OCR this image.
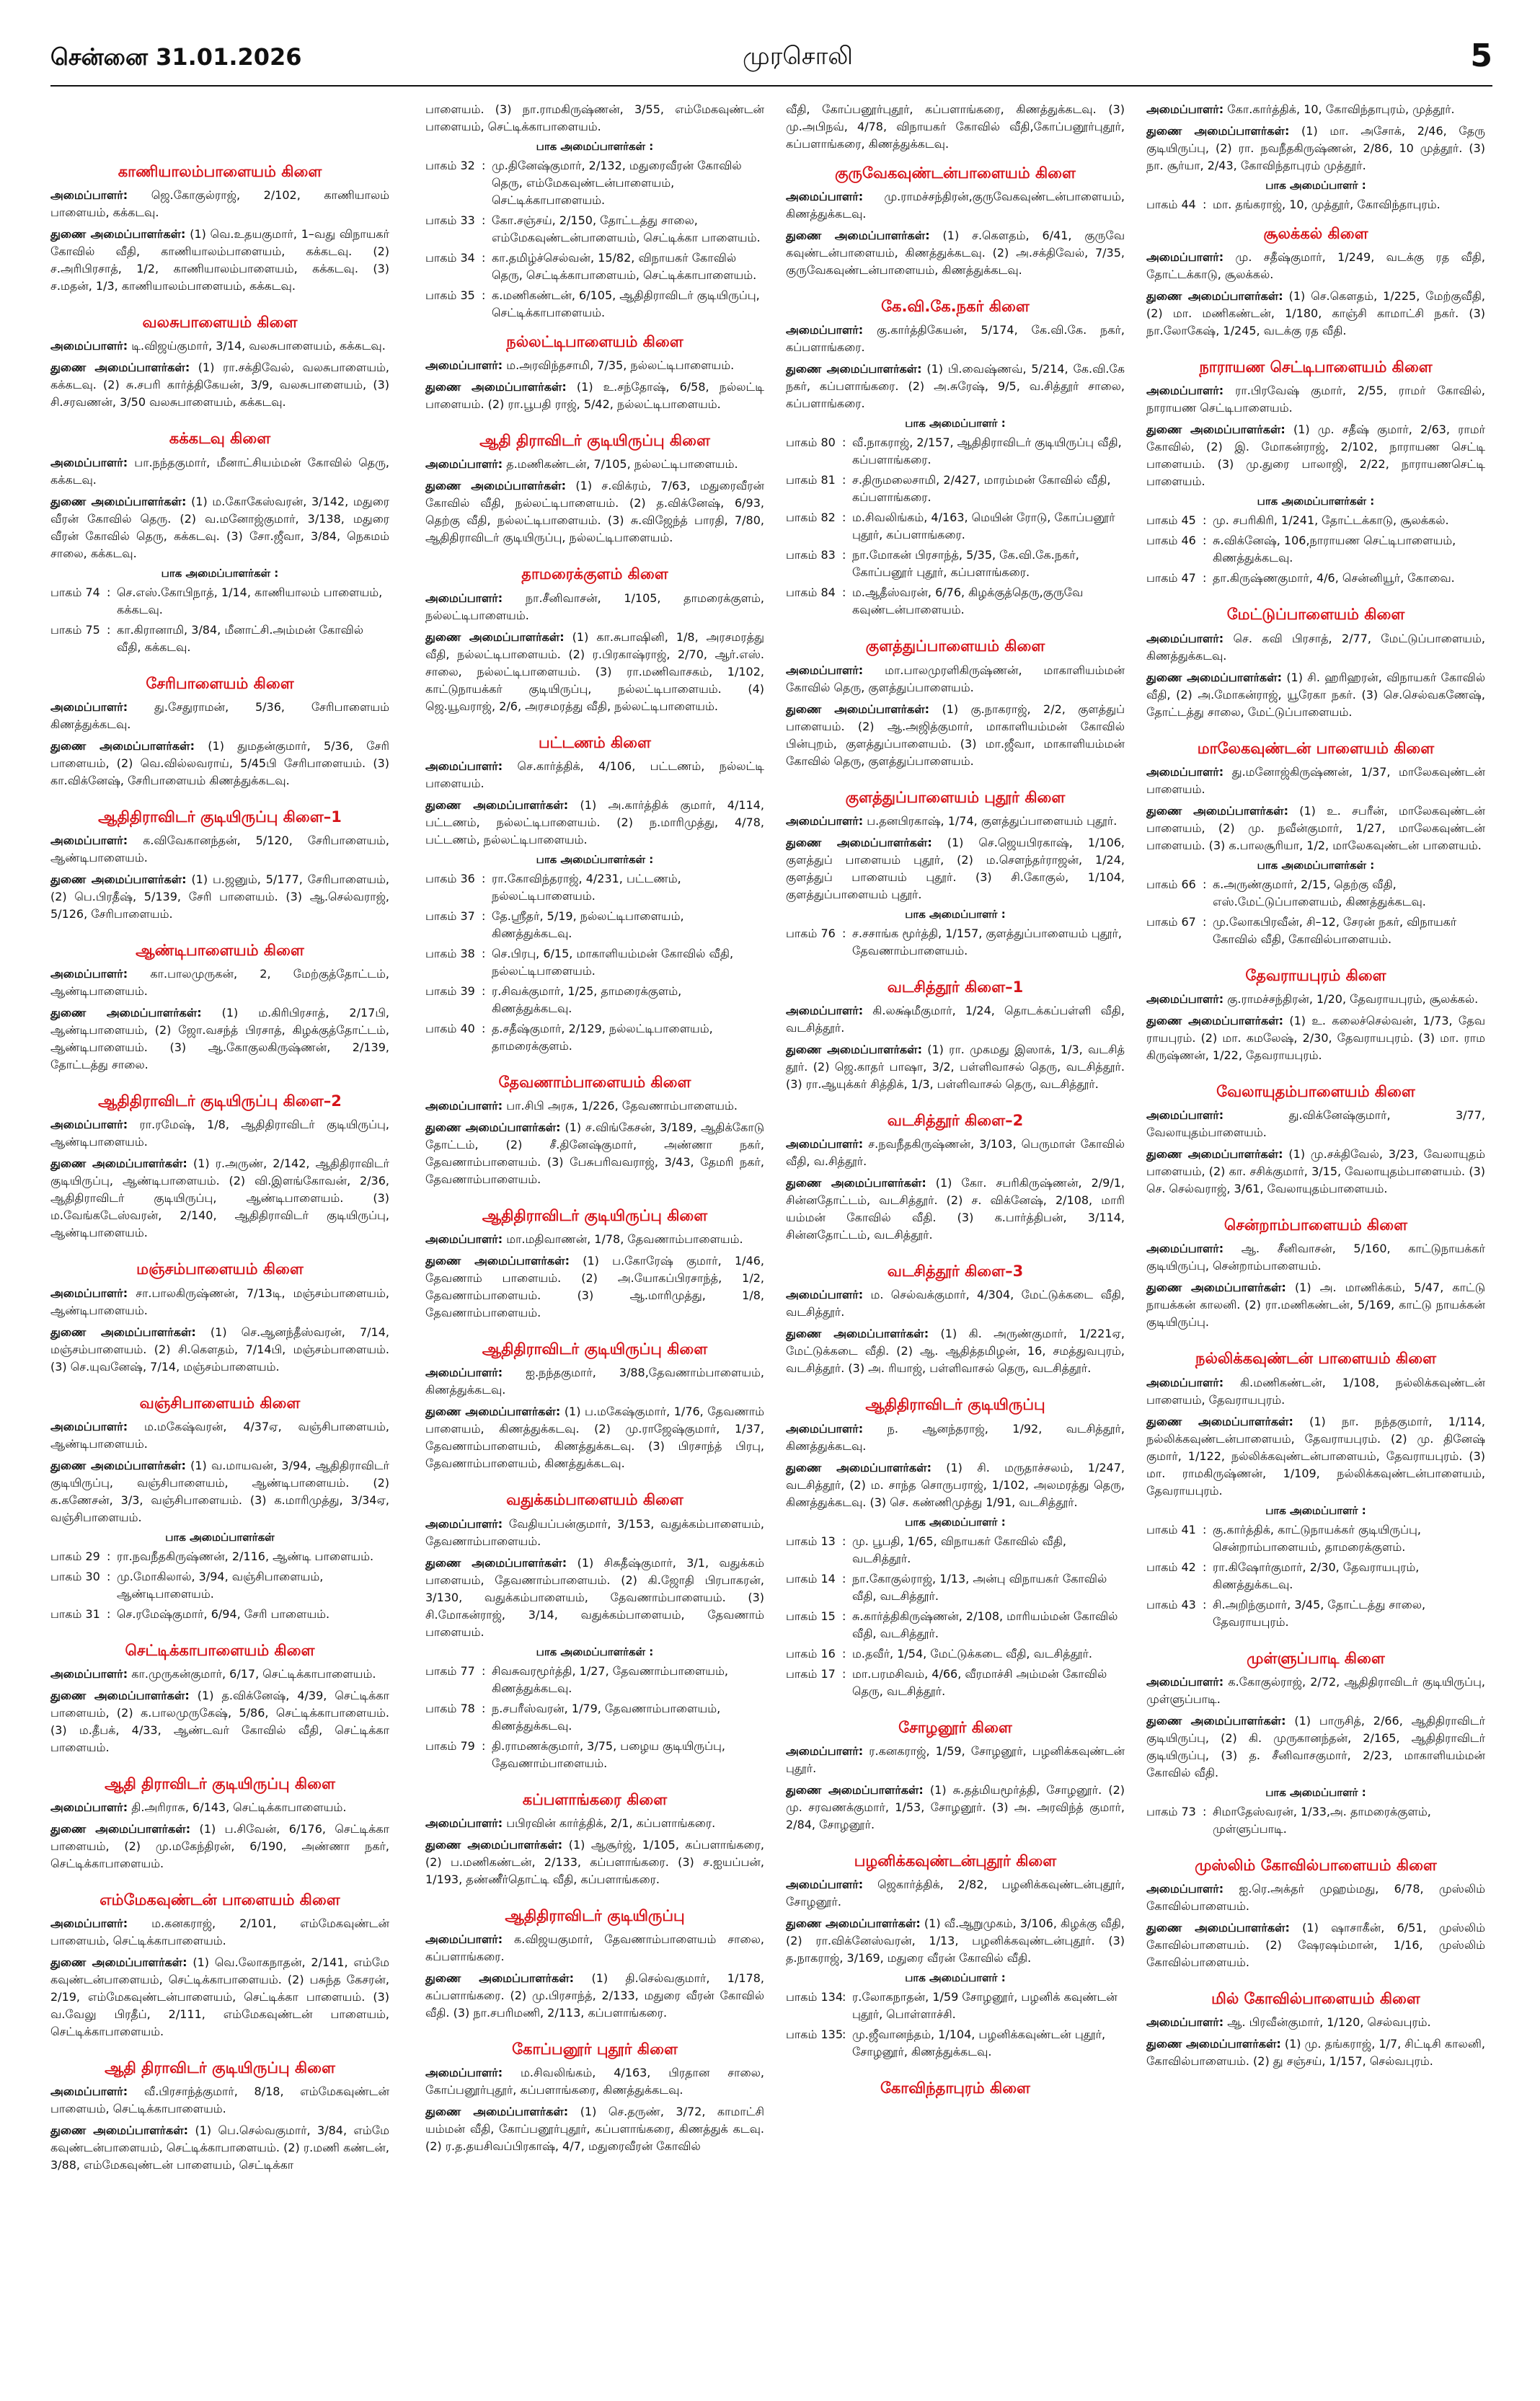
சென்னை 31.01.2026	முரசொலி	5
காணியாலம்பாளையம் கிளை

அமைப்பாளர்: ஜெ.கோகுல்ராஜ், 2/102, காணியாலம் பாளையம், கக்கடவு.

துணை அமைப்பாளர்கள்: (1) வெ.உதயகுமார், 1–வது விநாயகர் கோவில் வீதி, காணியாலம்பாளையம், கக்கடவு. (2) ச.அரிபிரசாத், 1/2, காணியாலம்பாளையம், கக்கடவு. (3) ச.மதன், 1/3, காணியாலம்பாளையம், கக்கடவு.

வலசுபாளையம் கிளை

அமைப்பாளர்: டி.விஜய்குமார், 3/14, வலசுபாளையம், கக்கடவு.

துணை அமைப்பாளர்கள்: (1) ரா.சக்திவேல், வலசுபாளையம், கக்கடவு. (2) சு.சபரி கார்த்திகேயன், 3/9, வலசுபாளையம், (3) சி.சரவணன், 3/50 வலசுபாளையம், கக்கடவு.

கக்கடவு கிளை

அமைப்பாளர்: பா.நந்தகுமார், மீனாட்சியம்மன் கோவில் தெரு, கக்கடவு.

துணை அமைப்பாளர்கள்: (1) ம.கோகேஸ்வரன், 3/142, மதுரை வீரன் கோவில் தெரு. (2) வ.மனோஜ்குமார், 3/138, மதுரை வீரன் கோவில் தெரு, கக்கடவு. (3) சோ.ஜீவா, 3/84, நெகமம் சாலை, கக்கடவு.

பாக அமைப்பாளர்கள் :
பாகம் 74 : செ.எஸ்.கோபிநாத், 1/14, காணியாலம் பாளையம், கக்கடவு.
பாகம் 75 : கா.கிரானாமி, 3/84, மீனாட்சி.அம்மன் கோவில் வீதி, கக்கடவு.
சேரிபாளையம் கிளை

அமைப்பாளர்: து.சேதுராமன், 5/36, சேரிபாளையம் கிணத்துக்கடவு.

துணை அமைப்பாளர்கள்: (1) துமதன்குமார், 5/36, சேரி பாளையம், (2) வெ.வில்லவராய், 5/45பி சேரிபாளையம். (3) கா.விக்னேஷ், சேரிபாளையம் கிணத்துக்கடவு.

ஆதிதிராவிடர் குடியிருப்பு கிளை–1

அமைப்பாளர்: க.விவேகானந்தன், 5/120, சேரிபாளையம், ஆண்டிபாளையம்.

துணை அமைப்பாளர்கள்: (1) ப.ஜனும், 5/177, சேரிபாளையம், (2) பெ.பிரதீஷ், 5/139, சேரி பாளையம். (3) ஆ.செல்வராஜ், 5/126, சேரிபாளையம்.

ஆண்டிபாளையம் கிளை

அமைப்பாளர்: கா.பாலமுருகன், 2, மேற்குத்தோட்டம், ஆண்டிபாளையம்.

துணை அமைப்பாளர்கள்: (1) ம.கிரிபிரசாத், 2/17பி, ஆண்டிபாளையம், (2) ஜோ.வசந்த் பிரசாத், கிழக்குத்தோட்டம், ஆண்டிபாளையம். (3) ஆ.கோகுலகிருஷ்ணன், 2/139, தோட்டத்து சாலை.

ஆதிதிராவிடர் குடியிருப்பு கிளை–2

அமைப்பாளர்: ரா.ரமேஷ், 1/8, ஆதிதிராவிடர் குடியிருப்பு, ஆண்டிபாளையம்.

துணை அமைப்பாளர்கள்: (1) ர.அருண், 2/142, ஆதிதிராவிடர் குடியிருப்பு, ஆண்டிபாளையம். (2) வி.இளங்கோவன், 2/36, ஆதிதிராவிடர் குடியிருப்பு, ஆண்டிபாளையம். (3) ம.வேங்கடேஸ்வரன், 2/140, ஆதிதிராவிடர் குடியிருப்பு, ஆண்டிபாளையம்.

மஞ்சம்பாளையம் கிளை

அமைப்பாளர்: சா.பாலகிருஷ்ணன், 7/13டி, மஞ்சம்பாளையம், ஆண்டிபாளையம்.

துணை அமைப்பாளர்கள்: (1) செ.ஆனந்தீஸ்வரன், 7/14, மஞ்சம்பாளையம். (2) சி.கௌதம், 7/14பி, மஞ்சம்பாளையம். (3) செ.யுவனேஷ், 7/14, மஞ்சம்பாளையம்.

வஞ்சிபாளையம் கிளை

அமைப்பாளர்: ம.மகேஷ்வரன், 4/37ஏ, வஞ்சிபாளையம், ஆண்டிபாளையம்.

துணை அமைப்பாளர்கள்: (1) வ.மாயவன், 3/94, ஆதிதிராவிடர் குடியிருப்பு, வஞ்சிபாளையம், ஆண்டிபாளையம். (2) க.கணேசன், 3/3, வஞ்சிபாளையம். (3) க.மாரிமுத்து, 3/34ஏ, வஞ்சிபாளையம்.

பாக அமைப்பாளர்கள்
பாகம் 29 : ரா.நவநீதகிருஷ்ணன், 2/116, ஆண்டி பாளையம்.
பாகம் 30 : மு.மோகிலால், 3/94, வஞ்சிபாளையம், ஆண்டிபாளையம்.
பாகம் 31 : செ.ரமேஷ்குமார், 6/94, சேரி பாளையம்.
செட்டிக்காபாளையம் கிளை

அமைப்பாளர்: கா.முருகன்குமார், 6/17, செட்டிக்காபாளையம்.

துணை அமைப்பாளர்கள்: (1) த.விக்னேஷ், 4/39, செட்டிக்கா பாளையம், (2) க.பாலமுருகேஷ், 5/86, செட்டிக்காபாளையம். (3) ம.தீபக், 4/33, ஆண்டவர் கோவில் வீதி, செட்டிக்கா பாளையம்.

ஆதி திராவிடர் குடியிருப்பு கிளை

அமைப்பாளர்: தி.அரிராசு, 6/143, செட்டிக்காபாளையம்.

துணை அமைப்பாளர்கள்: (1) ப.சிவேன், 6/176, செட்டிக்கா பாளையம், (2) மு.மகேந்திரன், 6/190, அண்ணா நகர், செட்டிக்காபாளையம்.

எம்மேகவுண்டன் பாளையம் கிளை

அமைப்பாளர்: ம.கனகராஜ், 2/101, எம்மேகவுண்டன் பாளையம், செட்டிக்காபாளையம்.

துணை அமைப்பாளர்கள்: (1) வெ.லோகநாதன், 2/141, எம்மே கவுண்டன்பாளையம், செட்டிக்காபாளையம். (2) பசுந்த கேசரன், 2/19, எம்மேகவுண்டன்பாளையம், செட்டிக்கா பாளையம். (3) வ.வேலு பிரதீப், 2/111, எம்மேகவுண்டன் பாளையம், செட்டிக்காபாளையம்.

ஆதி திராவிடர் குடியிருப்பு கிளை

அமைப்பாளர்: வீ.பிரசாந்த்குமார், 8/18, எம்மேகவுண்டன் பாளையம், செட்டிக்காபாளையம்.

துணை அமைப்பாளர்கள்: (1) பெ.செல்வகுமார், 3/84, எம்மே கவுண்டன்பாளையம், செட்டிக்காபாளையம். (2) ர.மணி கண்டன், 3/88, எம்மேகவுண்டன் பாளையம், செட்டிக்கா

பாளையம். (3) நா.ராமகிருஷ்ணன், 3/55, எம்மேகவுண்டன் பாளையம், செட்டிக்காபாளையம்.

பாக அமைப்பாளர்கள் :
பாகம் 32 : மு.தினேஷ்குமார், 2/132, மதுரைவீரன் கோவில் தெரு, எம்மேகவுண்டன்பாளையம், செட்டிக்காபாளையம்.
பாகம் 33 : கோ.சஞ்சய், 2/150, தோட்டத்து சாலை, எம்மேகவுண்டன்பாளையம், செட்டிக்கா பாளையம்.
பாகம் 34 : கா.தமிழ்ச்செல்வன், 15/82, விநாயகர் கோவில் தெரு, செட்டிக்காபாளையம், செட்டிக்காபாளையம்.
பாகம் 35 : க.மணிகண்டன், 6/105, ஆதிதிராவிடர் குடியிருப்பு, செட்டிக்காபாளையம்.
நல்லட்டிபாளையம் கிளை

அமைப்பாளர்: ம.அரவிந்தசாமி, 7/35, நல்லட்டிபாளையம்.

துணை அமைப்பாளர்கள்: (1) உ.சந்தோஷ், 6/58, நல்லட்டி பாளையம். (2) ரா.பூபதி ராஜ், 5/42, நல்லட்டிபாளையம்.

ஆதி திராவிடர் குடியிருப்பு கிளை

அமைப்பாளர்: த.மணிகண்டன், 7/105, நல்லட்டிபாளையம்.

துணை அமைப்பாளர்கள்: (1) ச.விக்ரம், 7/63, மதுரைவீரன் கோவில் வீதி, நல்லட்டிபாளையம். (2) த.விக்னேஷ், 6/93, தெற்கு வீதி, நல்லட்டிபாளையம். (3) சு.விஜேந்த் பாரதி, 7/80, ஆதிதிராவிடர் குடியிருப்பு, நல்லட்டிபாளையம்.

தாமரைக்குளம் கிளை

அமைப்பாளர்: நா.சீனிவாசன், 1/105, தாமரைக்குளம், நல்லட்டிபாளையம்.

துணை அமைப்பாளர்கள்: (1) கா.சுபாஷினி, 1/8, அரசமரத்து வீதி, நல்லட்டிபாளையம். (2) ர.பிரகாஷ்ராஜ், 2/70, ஆர்.எஸ். சாலை, நல்லட்டிபாளையம். (3) ரா.மணிவாசகம், 1/102, காட்டுநாயக்கர் குடியிருப்பு, நல்லட்டிபாளையம். (4) ஜெ.யூவராஜ், 2/6, அரசமரத்து வீதி, நல்லட்டிபாளையம்.

பட்டணம் கிளை

அமைப்பாளர்: செ.கார்த்திக், 4/106, பட்டணம், நல்லட்டி பாளையம்.

துணை அமைப்பாளர்கள்: (1) அ.கார்த்திக் குமார், 4/114, பட்டணம், நல்லட்டிபாளையம். (2) ந.மாரிமுத்து, 4/78, பட்டணம், நல்லட்டிபாளையம்.

பாக அமைப்பாளர்கள் :
பாகம் 36 : ரா.கோவிந்தராஜ், 4/231, பட்டணம், நல்லட்டிபாளையம்.
பாகம் 37 : தே.ஸ்ரீதர், 5/19, நல்லட்டிபாளையம், கிணத்துக்கடவு.
பாகம் 38 : செ.பிரபு, 6/15, மாகாளியம்மன் கோவில் வீதி, நல்லட்டிபாளையம்.
பாகம் 39 : ர.சிவக்குமார், 1/25, தாமரைக்குளம், கிணத்துக்கடவு.
பாகம் 40 : த.சதீஷ்குமார், 2/129, நல்லட்டிபாளையம், தாமரைக்குளம்.
தேவணாம்பாளையம் கிளை

அமைப்பாளர்: பா.சிபி அரசு, 1/226, தேவணாம்பாளையம்.

துணை அமைப்பாளர்கள்: (1) ச.விங்கேசன், 3/189, ஆதிக்கோடு தோட்டம், (2) சீ.தினேஷ்குமார், அண்ணா நகர், தேவணாம்பாளையம். (3) பேசுபரிவவராஜ், 3/43, தேமரி நகர், தேவணாம்பாளையம்.

ஆதிதிராவிடர் குடியிருப்பு கிளை

அமைப்பாளர்: மா.மதிவாணன், 1/78, தேவணாம்பாளையம்.

துணை அமைப்பாளர்கள்: (1) ப.கோரேஷ் குமார், 1/46, தேவணாம் பாளையம். (2) அ.யோகப்பிரசாந்த், 1/2, தேவணாம்பாளையம். (3) ஆ.மாரிமுத்து, 1/8, தேவணாம்பாளையம்.

ஆதிதிராவிடர் குடியிருப்பு கிளை

அமைப்பாளர்: ஐ.நந்தகுமார், 3/88,தேவணாம்பாளையம், கிணத்துக்கடவு.

துணை அமைப்பாளர்கள்: (1) ப.மகேஷ்குமார், 1/76, தேவணாம் பாளையம், கிணத்துக்கடவு. (2) மு.ராஜேஷ்குமார், 1/37, தேவணாம்பாளையம், கிணத்துக்கடவு. (3) பிரசாந்த் பிரபு, தேவணாம்பாளையம், கிணத்துக்கடவு.

வதுக்கம்பாளையம் கிளை

அமைப்பாளர்: வேதியப்பன்குமார், 3/153, வதுக்கம்பாளையம், தேவணாம்பாளையம்.

துணை அமைப்பாளர்கள்: (1) சிசுதீஷ்குமார், 3/1, வதுக்கம் பாளையம், தேவணாம்பாளையம். (2) கி.ஜோதி பிரபாகரன், 3/130, வதுக்கம்பாளையம், தேவணாம்பாளையம். (3) சி.மோகன்ராஜ், 3/14, வதுக்கம்பாளையம், தேவணாம் பாளையம்.

பாக அமைப்பாளர்கள் :
பாகம் 77 : சிவசுவரமூர்த்தி, 1/27, தேவணாம்பாளையம், கிணத்துக்கடவு.
பாகம் 78 : ந.சபரீஸ்வரன், 1/79, தேவணாம்பாளையம், கிணத்துக்கடவு.
பாகம் 79 : தி.ராமணக்குமார், 3/75, பழைய குடியிருப்பு, தேவணாம்பாளையம்.
கப்பளாங்கரை கிளை

அமைப்பாளர்: பபிரவின் கார்த்திக், 2/1, கப்பளாங்கரை.

துணை அமைப்பாளர்கள்: (1) ஆசூர்ஜ், 1/105, கப்பளாங்கரை, (2) ப.மணிகண்டன், 2/133, கப்பளாங்கரை. (3) ச.ஐயப்பன், 1/193, தண்ணீர்தொட்டி வீதி, கப்பளாங்கரை.

ஆதிதிராவிடர் குடியிருப்பு

அமைப்பாளர்: க.விஜயகுமார், தேவணாம்பாளையம் சாலை, கப்பளாங்கரை.

துணை அமைப்பாளர்கள்: (1) தி.செல்வகுமார், 1/178, கப்பளாங்கரை. (2) மு.பிரசாந்த், 2/133, மதுரை வீரன் கோவில் வீதி. (3) நா.சபரிமணி, 2/113, கப்பளாங்கரை.

கோப்பனூர் புதூர் கிளை

அமைப்பாளர்: ம.சிவலிங்கம், 4/163, பிரதான சாலை, கோப்பனூர்புதூர், கப்பளாங்கரை, கிணத்துக்கடவு.

துணை அமைப்பாளர்கள்: (1) செ.தருண், 3/72, காமாட்சி யம்மன் வீதி, கோப்பனூர்புதூர், கப்பளாங்கரை, கிணத்துக் கடவு. (2) ர.த.தயசிவப்பிரகாஷ், 4/7, மதுரைவீரன் கோவில்

வீதி, கோப்பனூர்புதூர், கப்பளாங்கரை, கிணத்துக்கடவு. (3) மு.அபிநவ், 4/78, விநாயகர் கோவில் வீதி,கோப்பனூர்புதூர், கப்பளாங்கரை, கிணத்துக்கடவு.

குருவேகவுண்டன்பாளையம் கிளை

அமைப்பாளர்: மு.ராமச்சந்திரன்,குருவேகவுண்டன்பாளையம், கிணத்துக்கடவு.

துணை அமைப்பாளர்கள்: (1) ச.கௌதம், 6/41, குருவே கவுண்டன்பாளையம், கிணத்துக்கடவு. (2) அ.சக்திவேல், 7/35, குருவேகவுண்டன்பாளையம், கிணத்துக்கடவு.

கே.வி.கே.நகர் கிளை

அமைப்பாளர்: கு.கார்த்திகேயன், 5/174, கே.வி.கே. நகர், கப்பளாங்கரை.

துணை அமைப்பாளர்கள்: (1) பி.வைஷ்ணவ், 5/214, கே.வி.கே நகர், கப்பளாங்கரை. (2) அ.சுரேஷ், 9/5, வ.சித்தூர் சாலை, கப்பளாங்கரை.

பாக அமைப்பாளர் :
பாகம் 80 : வீ.நாகராஜ், 2/157, ஆதிதிராவிடர் குடியிருப்பு வீதி, கப்பளாங்கரை.
பாகம் 81 : ச.திருமலைசாமி, 2/427, மாரம்மன் கோவில் வீதி, கப்பளாங்கரை.
பாகம் 82 : ம.சிவலிங்கம், 4/163, மெயின் ரோடு, கோப்பனூர் புதூர், கப்பளாங்கரை.
பாகம் 83 : நா.மோகன் பிரசாந்த், 5/35, கே.வி.கே.நகர், கோப்பனூர் புதூர், கப்பளாங்கரை.
பாகம் 84 : ம.ஆதீஸ்வரன், 6/76, கிழக்குத்தெரு,குருவே கவுண்டன்பாளையம்.
குளத்துப்பாளையம் கிளை

அமைப்பாளர்: மா.பாலமுரளிகிருஷ்ணன், மாகாளியம்மன் கோவில் தெரு, குளத்துப்பாளையம்.

துணை அமைப்பாளர்கள்: (1) கு.நாகராஜ், 2/2, குளத்துப் பாளையம். (2) ஆ.அஜித்குமார், மாகாளியம்மன் கோவில் பின்புறம், குளத்துப்பாளையம். (3) மா.ஜீவா, மாகாளியம்மன் கோவில் தெரு, குளத்துப்பாளையம்.

குளத்துப்பாளையம் புதூர் கிளை

அமைப்பாளர்: ப.தனபிரகாஷ், 1/74, குளத்துப்பாளையம் புதூர்.

துணை அமைப்பாளர்கள்: (1) செ.ஜெயபிரகாஷ், 1/106, குளத்துப் பாளையம் புதூர், (2) ம.செளந்தர்ராஜன், 1/24, குளத்துப் பாளையம் புதூர். (3) சி.கோகுல், 1/104, குளத்துப்பாளையம் புதூர்.

பாக அமைப்பாளர் :
பாகம் 76 : ச.சசாங்க மூர்த்தி, 1/157, குளத்துப்பாளையம் புதூர், தேவணாம்பாளையம்.
வடசித்தூர் கிளை–1

அமைப்பாளர்: கி.லக்ஷ்மீகுமார், 1/24, தொடக்கப்பள்ளி வீதி, வடசித்தூர்.

துணை அமைப்பாளர்கள்: (1) ரா. முகமது இஸாக், 1/3, வடசித் தூர். (2) ஜெ.காதர் பாஷா, 3/2, பள்ளிவாசல் தெரு, வடசித்தூர். (3) ரா.ஆயுக்கர் சித்திக், 1/3, பள்ளிவாசல் தெரு, வடசித்தூர்.

வடசித்தூர் கிளை–2

அமைப்பாளர்: ச.நவநீதகிருஷ்ணன், 3/103, பெருமாள் கோவில் வீதி, வ.சித்தூர்.

துணை அமைப்பாளர்கள்: (1) கோ. சபரிகிருஷ்ணன், 2/9/1, சின்னதோட்டம், வடசித்தூர். (2) ச. விக்னேஷ், 2/108, மாரி யம்மன் கோவில் வீதி. (3) க.பார்த்திபன், 3/114, சின்னதோட்டம், வடசித்தூர்.

வடசித்தூர் கிளை–3

அமைப்பாளர்: ம. செல்வக்குமார், 4/304, மேட்டுக்கடை வீதி, வடசித்தூர்.

துணை அமைப்பாளர்கள்: (1) கி. அருண்குமார், 1/221ஏ, மேட்டுக்கடை வீதி. (2) ஆ. ஆதித்தமிழன், 16, சமத்துவபுரம், வடசித்தூர். (3) அ. ரியாஜ், பள்ளிவாசல் தெரு, வடசித்தூர்.

ஆதிதிராவிடர் குடியிருப்பு

அமைப்பாளர்: ந. ஆனந்தராஜ், 1/92, வடசித்தூர், கிணத்துக்கடவு.

துணை அமைப்பாளர்கள்: (1) சி. மருதாச்சலம், 1/247, வடசித்தூர், (2) ம. சாந்த சொருபராஜ், 1/102, அலமரத்து தெரு, கிணத்துக்கடவு. (3) செ. கண்ணிமுத்து 1/91, வடசித்தூர்.

பாக அமைப்பாளர் :
பாகம் 13 : மு. பூபதி, 1/65, விநாயகர் கோவில் வீதி, வடசித்தூர்.
பாகம் 14 : நா.கோகுல்ராஜ், 1/13, அன்பு விநாயகர் கோவில் வீதி, வடசித்தூர்.
பாகம் 15 : சு.கார்த்திகிருஷ்ணன், 2/108, மாரியம்மன் கோவில் வீதி, வடசித்தூர்.
பாகம் 16 : ம.தவீர், 1/54, மேட்டுக்கடை வீதி, வடசித்தூர்.
பாகம் 17 : மா.பரமசிவம், 4/66, வீரமாச்சி அம்மன் கோவில் தெரு, வடசித்தூர்.
சோழனூர் கிளை

அமைப்பாளர்: ர.கனகராஜ், 1/59, சோழனூர், பழனிக்கவுண்டன் புதூர்.

துணை அமைப்பாளர்கள்: (1) சு.தத்மியமூர்த்தி, சோழனூர். (2) மு. சரவணக்குமார், 1/53, சோழனூர். (3) அ. அரவிந்த் குமார், 2/84, சோழனூர்.

பழனிக்கவுண்டன்புதூர் கிளை

அமைப்பாளர்: ஜெகார்த்திக், 2/82, பழனிக்கவுண்டன்புதூர், சோழனூர்.

துணை அமைப்பாளர்கள்: (1) வீ.ஆறுமுகம், 3/106, கிழக்கு வீதி, (2) ரா.விக்னேஸ்வரன், 1/13, பழனிக்கவுண்டன்புதூர். (3) த.நாகராஜ், 3/169, மதுரை வீரன் கோவில் வீதி.

பாக அமைப்பாளர் :
பாகம் 134 : ர.லோகநாதன், 1/59 சோழனூர், பழனிக் கவுண்டன் புதூர், பொள்ளாச்சி.
பாகம் 135 : மு.ஜீவானந்தம், 1/104, பழனிக்கவுண்டன் புதூர், சோழனூர், கிணத்துக்கடவு.
கோவிந்தாபுரம் கிளை

அமைப்பாளர்: கோ.கார்த்திக், 10, கோவிந்தாபுரம், முத்தூர்.

துணை அமைப்பாளர்கள்: (1) மா. அசோக், 2/46, தேரு குடியிருப்பு, (2) ரா. நவநீதகிருஷ்ணன், 2/86, 10 முத்தூர். (3) நா. சூர்யா, 2/43, கோவிந்தாபுரம் முத்தூர்.

பாக அமைப்பாளர் :
பாகம் 44 : மா. தங்கராஜ், 10, முத்தூர், கோவிந்தாபுரம்.
சூலக்கல் கிளை

அமைப்பாளர்: மு. சதீஷ்குமார், 1/249, வடக்கு ரத வீதி, தோட்டக்காடு, சூலக்கல்.

துணை அமைப்பாளர்கள்: (1) செ.கௌதம், 1/225, மேற்குவீதி, (2) மா. மணிகண்டன், 1/180, காஞ்சி காமாட்சி நகர். (3) நா.லோகேஷ், 1/245, வடக்கு ரத வீதி.

நாராயண செட்டிபாளையம் கிளை

அமைப்பாளர்: ரா.பிரவேஷ் குமார், 2/55, ராமர் கோவில், நாராயண செட்டிபாளையம்.

துணை அமைப்பாளர்கள்: (1) மு. சதீஷ் குமார், 2/63, ராமர் கோவில், (2) இ. மோகன்ராஜ், 2/102, நாராயண செட்டி பாளையம். (3) மு.துரை பாலாஜி, 2/22, நாராயணசெட்டி பாளையம்.

பாக அமைப்பாளர்கள் :
பாகம் 45 : மு. சபரிகிரி, 1/241, தோட்டக்காடு, சூலக்கல்.
பாகம் 46 : சு.விக்னேஷ், 106,நாராயண செட்டிபாளையம், கிணத்துக்கடவு.
பாகம் 47 : தா.கிருஷ்ணகுமார், 4/6, சென்னியூர், கோவை.
மேட்டுப்பாளையம் கிளை

அமைப்பாளர்: செ. கவி பிரசாத், 2/77, மேட்டுப்பாளையம், கிணத்துக்கடவு.

துணை அமைப்பாளர்கள்: (1) சி. ஹரிஹரன், விநாயகர் கோவில் வீதி, (2) அ.மோகன்ராஜ், யூரேகா நகர். (3) செ.செல்வகணேஷ், தோட்டத்து சாலை, மேட்டுப்பாளையம்.

மாலேகவுண்டன் பாளையம் கிளை

அமைப்பாளர்: து.மனோஜ்கிருஷ்ணன், 1/37, மாலேகவுண்டன் பாளையம்.

துணை அமைப்பாளர்கள்: (1) உ. சபரீன், மாலேகவுண்டன் பாளையம், (2) மு. நவீன்குமார், 1/27, மாலேகவுண்டன் பாளையம். (3) க.பாலசூரியா, 1/2, மாலேகவுண்டன் பாளையம்.

பாக அமைப்பாளர்கள் :
பாகம் 66 : க.அருண்குமார், 2/15, தெற்கு வீதி, எஸ்.மேட்டுப்பாளையம், கிணத்துக்கடவு.
பாகம் 67 : மு.லோகபிரவீன், சி–12, சேரன் நகர், விநாயகர் கோவில் வீதி, கோவில்பாளையம்.
தேவராயபுரம் கிளை

அமைப்பாளர்: கு.ராமச்சந்திரன், 1/20, தேவராயபுரம், சூலக்கல்.

துணை அமைப்பாளர்கள்: (1) உ. கலைச்செல்வன், 1/73, தேவ ராயபுரம். (2) மா. கமலேஷ், 2/30, தேவராயபுரம். (3) மா. ராம கிருஷ்ணன், 1/22, தேவராயபுரம்.

வேலாயுதம்பாளையம் கிளை

அமைப்பாளர்:	து.விக்னேஷ்குமார், 3/77, வேலாயுதம்பாளையம்.

துணை அமைப்பாளர்கள்: (1) மு.சக்திவேல், 3/23, வேலாயுதம் பாளையம், (2) கா. சசிக்குமார், 3/15, வேலாயுதம்பாளையம். (3) செ. செல்வராஜ், 3/61, வேலாயுதம்பாளையம்.

சென்றாம்பாளையம் கிளை

அமைப்பாளர்: ஆ. சீனிவாசன், 5/160, காட்டுநாயக்கர் குடியிருப்பு, சென்றாம்பாளையம்.

துணை அமைப்பாளர்கள்: (1) அ. மாணிக்கம், 5/47, காட்டு நாயக்கன் காலனி. (2) ரா.மணிகண்டன், 5/169, காட்டு நாயக்கன் குடியிருப்பு.

நல்லிக்கவுண்டன் பாளையம் கிளை

அமைப்பாளர்: கி.மணிகண்டன், 1/108, நல்லிக்கவுண்டன் பாளையம், தேவராயபுரம்.

துணை அமைப்பாளர்கள்: (1) நா. நந்தகுமார், 1/114, நல்லிக்கவுண்டன்பாளையம், தேவராயபுரம். (2) மு. தினேஷ் குமார், 1/122, நல்லிக்கவுண்டன்பாளையம், தேவராயபுரம். (3) மா. ராமகிருஷ்ணன், 1/109, நல்லிக்கவுண்டன்பாளையம், தேவராயபுரம்.

பாக அமைப்பாளர் :
பாகம் 41 : கு.கார்த்திக், காட்டுநாயக்கர் குடியிருப்பு, சென்றாம்பாளையம், தாமரைக்குளம்.
பாகம் 42 : ரா.கிஷோர்குமார், 2/30, தேவராயபுரம், கிணத்துக்கடவு.
பாகம் 43 : சி.அறிந்குமார், 3/45, தோட்டத்து சாலை, தேவராயபுரம்.
முள்ளுப்பாடி கிளை

அமைப்பாளர்: க.கோகுல்ராஜ், 2/72, ஆதிதிராவிடர் குடியிருப்பு, முள்ளுப்பாடி.

துணை அமைப்பாளர்கள்: (1) பாருசித், 2/66, ஆதிதிராவிடர் குடியிருப்பு, (2) கி. முருகானந்தன், 2/165, ஆதிதிராவிடர் குடியிருப்பு, (3) த. சீனிவாசகுமார், 2/23, மாகாளியம்மன் கோவில் வீதி.

பாக அமைப்பாளர் :
பாகம் 73 : சிமாதேஸ்வரன், 1/33,அ. தாமரைக்குளம், முள்ளுப்பாடி.
முஸ்லிம் கோவில்பாளையம் கிளை

அமைப்பாளர்: ஐ.ரெ.அக்தர் முஹம்மது, 6/78, முஸ்லிம் கோவில்பாளையம்.

துணை அமைப்பாளர்கள்: (1) ஷாசாகீன், 6/51, முஸ்லிம் கோவில்பாளையம். (2) ஷேரஷம்மான், 1/16, முஸ்லிம் கோவில்பாளையம்.

மில் கோவில்பாளையம் கிளை

அமைப்பாளர்: ஆ. பிரவீன்குமார், 1/120, செல்வபுரம்.

துணை அமைப்பாளர்கள்: (1) மு. தங்கராஜ், 1/7, சிட்டிசி காலனி, கோவில்பாளையம். (2) து சஞ்சய், 1/157, செல்வபுரம்.
